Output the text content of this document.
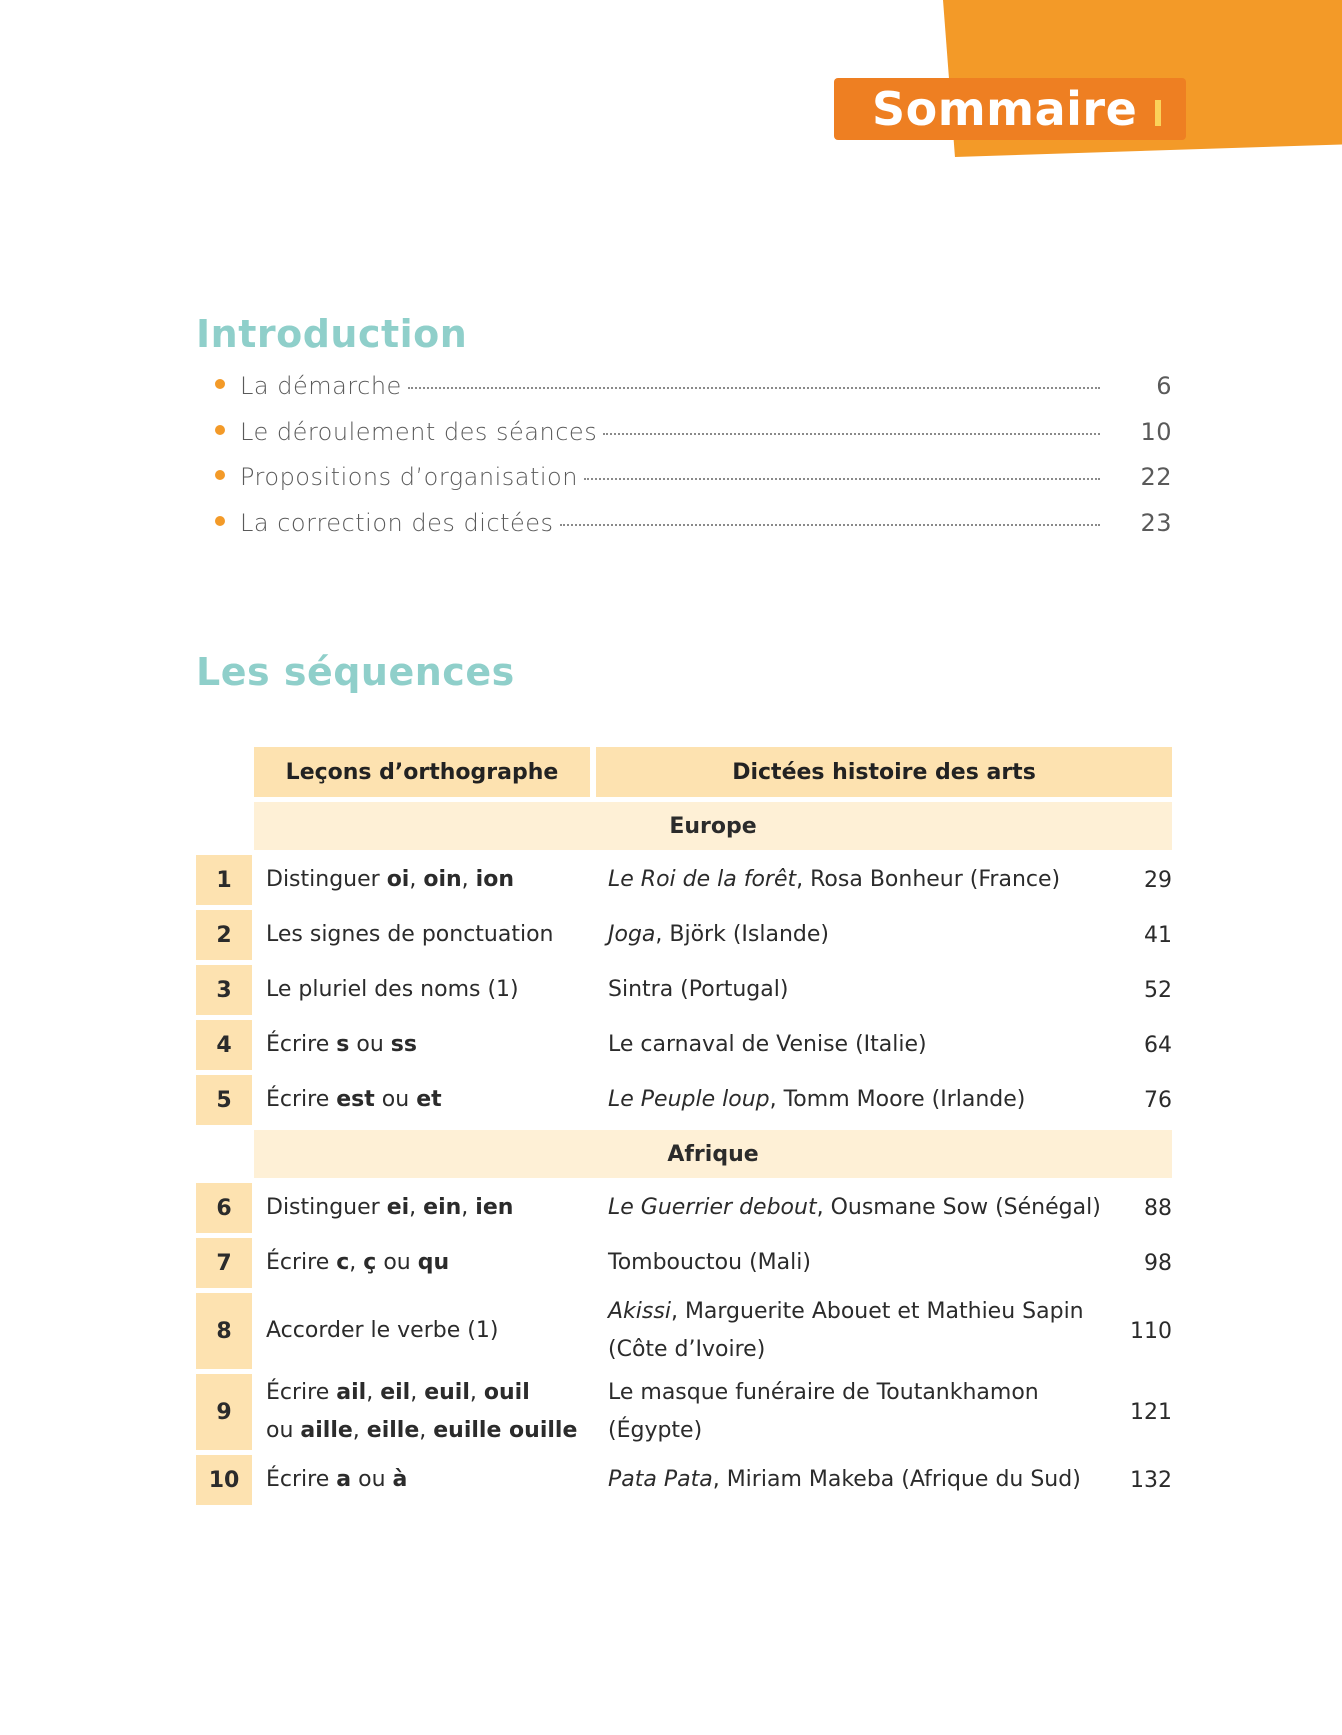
Sommaire
Introduction
La démarche	6
Le déroulement des séances	10
Propositions d’organisation	22
La correction des dictées	23
Les séquences
	Leçons d’orthographe	Dictées histoire des arts	
	Europe		
1	Distinguer oi, oin, ion	Le Roi de la forêt, Rosa Bonheur (France)	29
2	Les signes de ponctuation	Joga, Björk (Islande)	41
3	Le pluriel des noms (1)	Sintra (Portugal)	52
4	Écrire s ou ss	Le carnaval de Venise (Italie)	64
5	Écrire est ou et	Le Peuple loup, Tomm Moore (Irlande)	76
	Afrique		
6	Distinguer ei, ein, ien	Le Guerrier debout, Ousmane Sow (Sénégal)	88
7	Écrire c, ç ou qu	Tombouctou (Mali)	98
8	Accorder le verbe (1)	Akissi, Marguerite Abouet et Mathieu Sapin
(Côte d’Ivoire)	110
9	Écrire ail, eil, euil, ouil
ou aille, eille, euille ouille	Le masque funéraire de Toutankhamon
(Égypte)	121
10	Écrire a ou à	Pata Pata, Miriam Makeba (Afrique du Sud)	132
